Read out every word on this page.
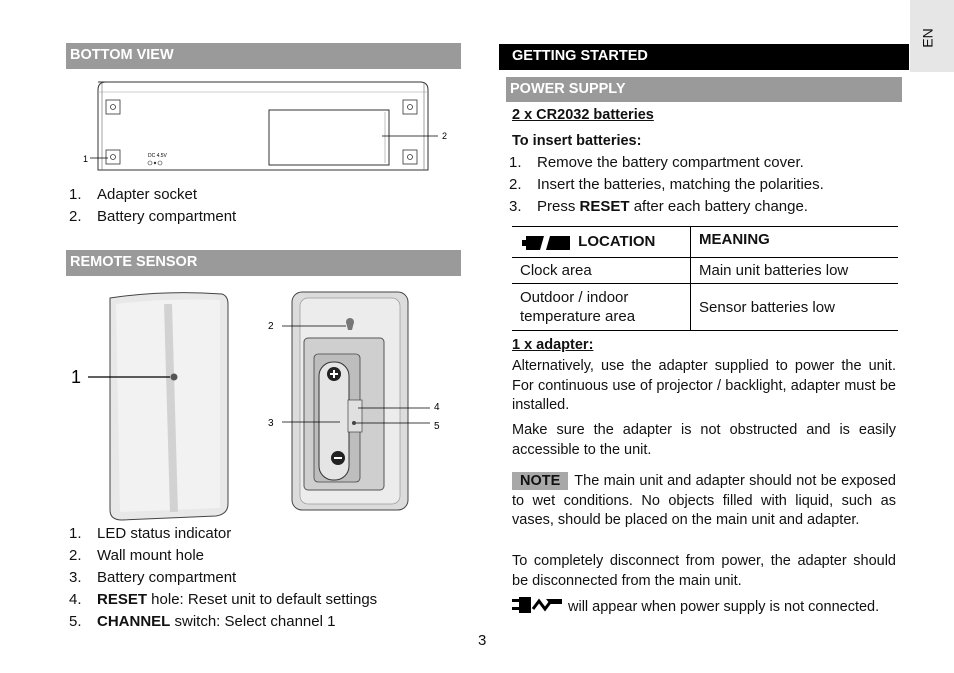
EN
BOTTOM VIEW
2
1	DC 4.5V
1. Adapter socket
2. Battery compartment
REMOTE SENSOR
1
2
3
4
5
1. LED status indicator
2. Wall mount hole
3. Battery compartment
4. RESET hole: Reset unit to default settings
5. CHANNEL switch: Select channel 1
3
GETTING STARTED
POWER SUPPLY
2 x CR2032 batteries
To insert batteries:
1. Remove the battery compartment cover.
2. Insert the batteries, matching the polarities.
3. Press RESET after each battery change.
LOCATION	MEANING
Clock area	Main unit batteries low
Outdoor / indoor temperature area	Sensor batteries low
1 x adapter:
Alternatively, use the adapter supplied to power the unit. For continuous use of projector / backlight, adapter must be installed.
Make sure the adapter is not obstructed and is easily accessible to the unit.
NOTE The main unit and adapter should not be exposed to wet conditions. No objects filled with liquid, such as vases, should be placed on the main unit and adapter.
To completely disconnect from power, the adapter should be disconnected from the main unit.
will appear when power supply is not connected.
